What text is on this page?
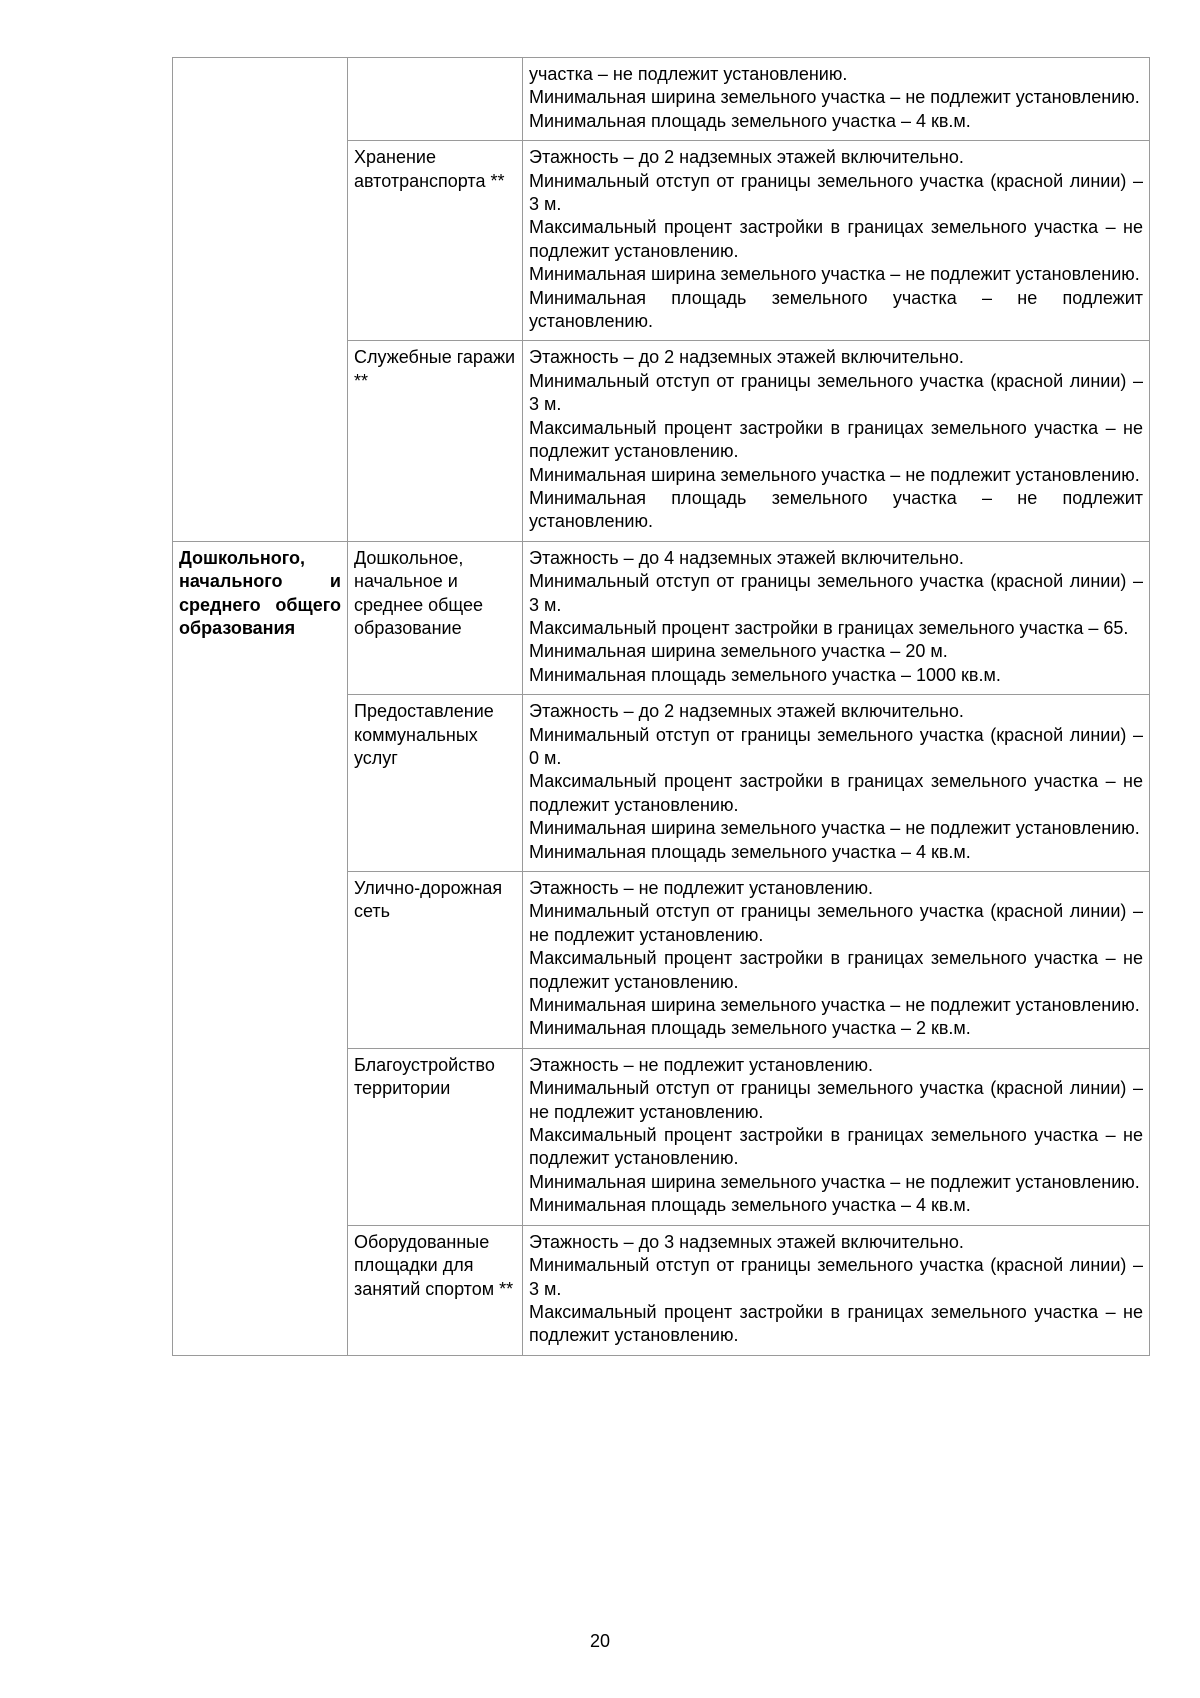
		участка – не подлежит установлению.

Минимальная ширина земельного участка – не подлежит установлению.

Минимальная площадь земельного участка – 4 кв.м.

	Хранение автотранспорта **	Этажность – до 2 надземных этажей включительно.

Минимальный отступ от границы земельного участка (красной линии) – 3 м.

Максимальный процент застройки в границах земельного участка – не подлежит установлению.

Минимальная ширина земельного участка – не подлежит установлению.

Минимальная площадь земельного участка – не подлежит установлению.

	Служебные гаражи **	Этажность – до 2 надземных этажей включительно.

Минимальный отступ от границы земельного участка (красной линии) – 3 м.

Максимальный процент застройки в границах земельного участка – не подлежит установлению.

Минимальная ширина земельного участка – не подлежит установлению.

Минимальная площадь земельного участка – не подлежит установлению.

Дошкольного, начального и среднего общего образования	Дошкольное, начальное и среднее общее образование	Этажность – до 4 надземных этажей включительно.

Минимальный отступ от границы земельного участка (красной линии) – 3 м.

Максимальный процент застройки в границах земельного участка – 65.

Минимальная ширина земельного участка – 20 м.

Минимальная площадь земельного участка – 1000 кв.м.

	Предоставление коммунальных услуг	Этажность – до 2 надземных этажей включительно.

Минимальный отступ от границы земельного участка (красной линии) – 0 м.

Максимальный процент застройки в границах земельного участка – не подлежит установлению.

Минимальная ширина земельного участка – не подлежит установлению.

Минимальная площадь земельного участка – 4 кв.м.

	Улично-дорожная сеть	Этажность – не подлежит установлению.

Минимальный отступ от границы земельного участка (красной линии) – не подлежит установлению.

Максимальный процент застройки в границах земельного участка – не подлежит установлению.

Минимальная ширина земельного участка – не подлежит установлению.

Минимальная площадь земельного участка – 2 кв.м.

	Благоустройство территории	Этажность – не подлежит установлению.

Минимальный отступ от границы земельного участка (красной линии) – не подлежит установлению.

Максимальный процент застройки в границах земельного участка – не подлежит установлению.

Минимальная ширина земельного участка – не подлежит установлению.

Минимальная площадь земельного участка – 4 кв.м.

	Оборудованные площадки для занятий спортом **	Этажность – до 3 надземных этажей включительно.

Минимальный отступ от границы земельного участка (красной линии) – 3 м.

Максимальный процент застройки в границах земельного участка – не подлежит установлению.

20
